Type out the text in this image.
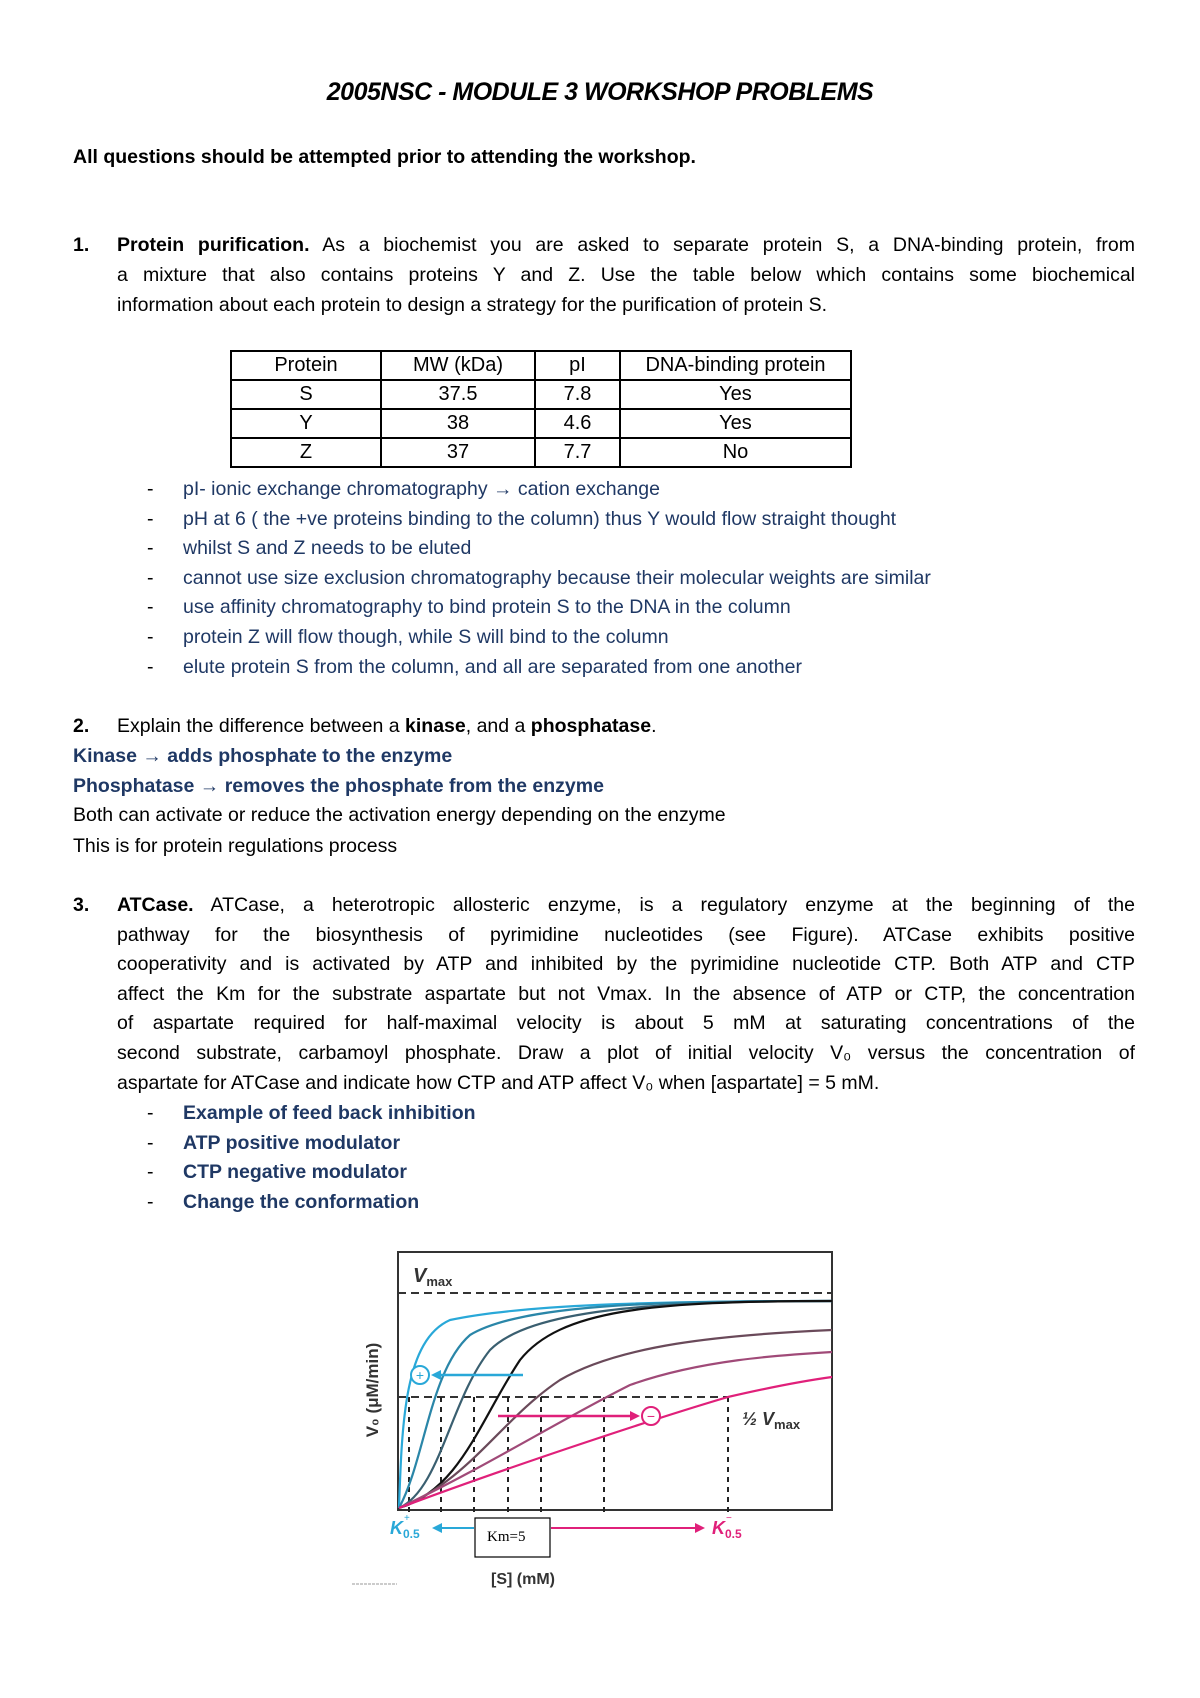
2005NSC - MODULE 3 WORKSHOP PROBLEMS
All questions should be attempted prior to attending the workshop.
1. Protein purification. As a biochemist you are asked to separate protein S, a DNA-binding protein, from
a mixture that also contains proteins Y and Z. Use the table below which contains some biochemical
information about each protein to design a strategy for the purification of protein S.
Protein	MW (kDa)	pI	DNA-binding protein
S	37.5	7.8	Yes
Y	38	4.6	Yes
Z	37	7.7	No
- pI- ionic exchange chromatography → cation exchange
- pH at 6 ( the +ve proteins binding to the column) thus Y would flow straight thought
- whilst S and Z needs to be eluted
- cannot use size exclusion chromatography because their molecular weights are similar
- use affinity chromatography to bind protein S to the DNA in the column
- protein Z will flow though, while S will bind to the column
- elute protein S from the column, and all are separated from one another
2. Explain the difference between a kinase, and a phosphatase.
Kinase → adds phosphate to the enzyme
Phosphatase → removes the phosphate from the enzyme
Both can activate or reduce the activation energy depending on the enzyme
This is for protein regulations process
3. ATCase. ATCase, a heterotropic allosteric enzyme, is a regulatory enzyme at the beginning of the
pathway for the biosynthesis of pyrimidine nucleotides (see Figure). ATCase exhibits positive
cooperativity and is activated by ATP and inhibited by the pyrimidine nucleotide CTP. Both ATP and CTP
affect the Km for the substrate aspartate but not Vmax. In the absence of ATP or CTP, the concentration
of aspartate required for half-maximal velocity is about 5 mM at saturating concentrations of the
second substrate, carbamoyl phosphate. Draw a plot of initial velocity V₀ versus the concentration of
aspartate for ATCase and indicate how CTP and ATP affect V₀ when [aspartate] = 5 mM.
- Example of feed back inhibition
- ATP positive modulator
- CTP negative modulator
- Change the conformation
+
−
$V_{max}$
½ $V_{max}$
V₀ (μM/min)
[S] (mM)
$K_{0.5}$
+	$K_{0.5}$
−
Km=5
